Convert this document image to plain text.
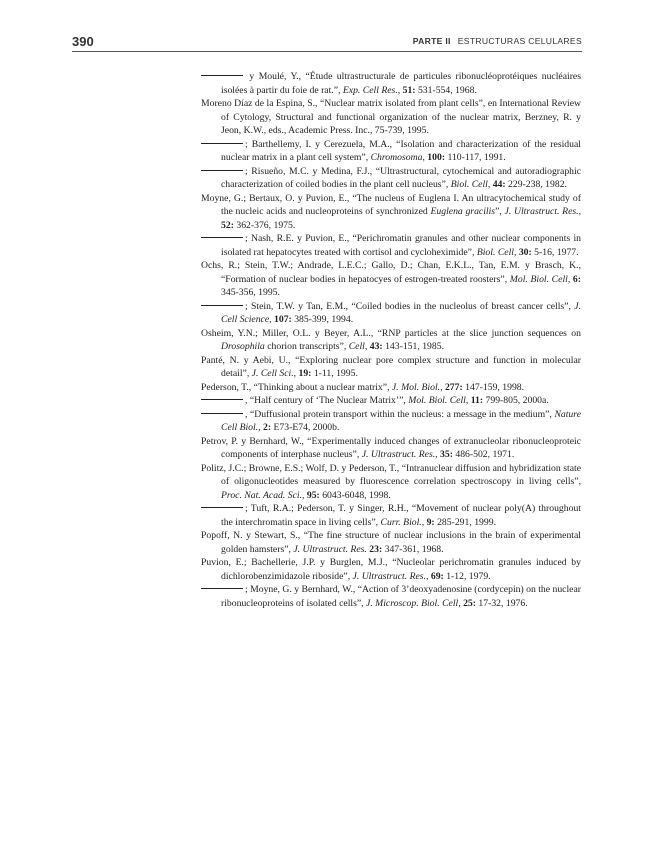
390	PARTE II ESTRUCTURAS CELULARES

y Moulé, Y., “Étude ultrastructurale de particules ribonucléoprotéiques nucléaires isolées à partir du foie de rat.”, Exp. Cell Res., 51: 531-554, 1968.

Moreno Díaz de la Espina, S., “Nuclear matrix isolated from plant cells”, en International Review of Cytology, Structural and functional organization of the nuclear matrix, Berzney, R. y Jeon, K.W., eds., Academic Press. Inc., 75-739, 1995.

; Barthellemy, I. y Cerezuela, M.A., “Isolation and characterization of the residual nuclear matrix in a plant cell system”, Chromosoma, 100: 110-117, 1991.

; Risueño, M.C. y Medina, F.J., “Ultrastructural, cytochemical and autoradiographic characterization of coiled bodies in the plant cell nucleus”, Biol. Cell, 44: 229-238, 1982.

Moyne, G.; Bertaux, O. y Puvion, E., “The nucleus of Euglena I. An ultracytochemical study of the nucleic acids and nucleoproteins of synchronized Euglena gracilis”, J. Ultrastruct. Res., 52: 362-376, 1975.

; Nash, R.E. y Puvion, E., “Perichromatin granules and other nuclear components in isolated rat hepatocytes treated with cortisol and cycloheximide”, Biol. Cell, 30: 5-16, 1977.

Ochs, R.; Stein, T.W.; Andrade, L.E.C.; Gallo, D.; Chan, E.K.L., Tan, E.M. y Brasch, K., “Formation of nuclear bodies in hepatocyes of estrogen-treated roosters”, Mol. Biol. Cell, 6: 345-356, 1995.

; Stein, T.W. y Tan, E.M., “Coiled bodies in the nucleolus of breast cancer cells”, J. Cell Science, 107: 385-399, 1994.

Osheim, Y.N.; Miller, O.L. y Beyer, A.L., “RNP particles at the slice junction sequences on Drosophila chorion transcripts”, Cell, 43: 143-151, 1985.

Panté, N. y Aebi, U., “Exploring nuclear pore complex structure and function in molecular detail”, J. Cell Sci., 19: 1-11, 1995.

Pederson, T., “Thinking about a nuclear matrix”, J. Mol. Biol., 277: 147-159, 1998.

, “Half century of ‘The Nuclear Matrix’”, Mol. Biol. Cell, 11: 799-805, 2000a.

, “Duffusional protein transport within the nucleus: a message in the medium”, Nature Cell Biol., 2: E73-E74, 2000b.

Petrov, P. y Bernhard, W., “Experimentally induced changes of extranucleolar ribonucleoproteic components of interphase nucleus”, J. Ultrastruct. Res., 35: 486-502, 1971.

Politz, J.C.; Browne, E.S.; Wolf, D. y Pederson, T., “Intranuclear diffusion and hybridization state of oligonucleotides measured by fluorescence correlation spectroscopy in living cells”, Proc. Nat. Acad. Sci., 95: 6043-6048, 1998.

; Tuft, R.A.; Pederson, T. y Singer, R.H., “Movement of nuclear poly(A) throughout the interchromatin space in living cells”, Curr. Biol., 9: 285-291, 1999.

Popoff, N. y Stewart, S., “The fine structure of nuclear inclusions in the brain of experimental golden hamsters”, J. Ultrastruct. Res. 23: 347-361, 1968.

Puvion, E.; Bachellerie, J.P. y Burglen, M.J., “Nucleolar perichromatin granules induced by dichlorobenzimidazole riboside”, J. Ultrastruct. Res., 69: 1-12, 1979.

; Moyne, G. y Bernhard, W., “Action of 3’deoxyadenosine (cordycepin) on the nuclear ribonucleoproteins of isolated cells”, J. Microscop. Biol. Cell, 25: 17-32, 1976.
